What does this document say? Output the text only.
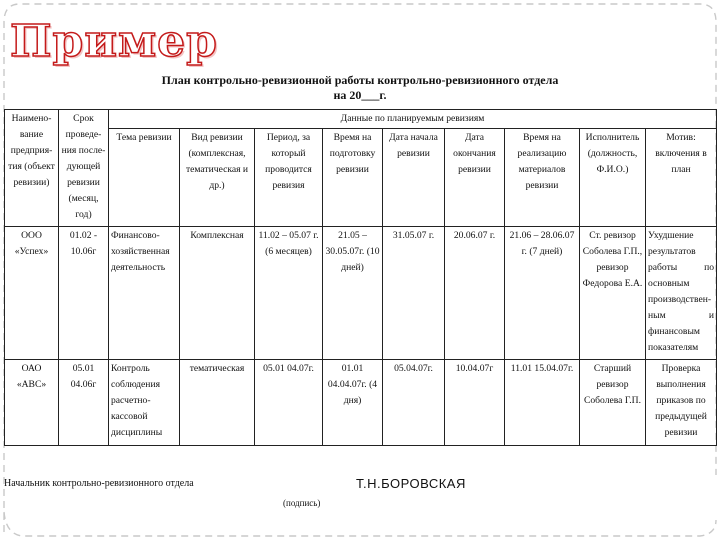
Пример
План контрольно-ревизионной работы контрольно-ревизионного отдела
на 20___г.
Наимено-вание предприя-тия (объект ревизии)	Срок проведе-ния после-дующей ревизии (месяц, год)	Данные по планируемым ревизиям								
		Тема ревизии	Вид ревизии (комплексная, тематическая и др.)	Период, за который проводится ревизия	Время на подготовку ревизии	Дата начала ревизии	Дата окончания ревизии	Время на реализацию материалов ревизии	Исполнитель (должность, Ф.И.О.)	Мотив: включения в план
ООО «Успех»	01.02 - 10.06г	Финансово-хозяйственная деятельность	Комплексная	11.02 – 05.07 г. (6 месяцев)	21.05 – 30.05.07г. (10 дней)	31.05.07 г.	20.06.07 г.	21.06 – 28.06.07 г. (7 дней)	Ст. ревизор Соболева Г.П., ревизор Федорова Е.А.	Ухудшение результатов работы по основным производствен-ным и финансовым показателям
ОАО «АВС»	05.01 04.06г	Контроль соблюдения расчетно-кассовой дисциплины	тематическая	05.01 04.07г.	01.01 04.04.07г. (4 дня)	05.04.07г.	10.04.07г	11.01 15.04.07г.	Старший ревизор Соболева Г.П.	Проверка выполнения приказов по предыдущей ревизии
Начальник контрольно-ревизионного отдела	Т.Н.БОРОВСКАЯ
(подпись)
